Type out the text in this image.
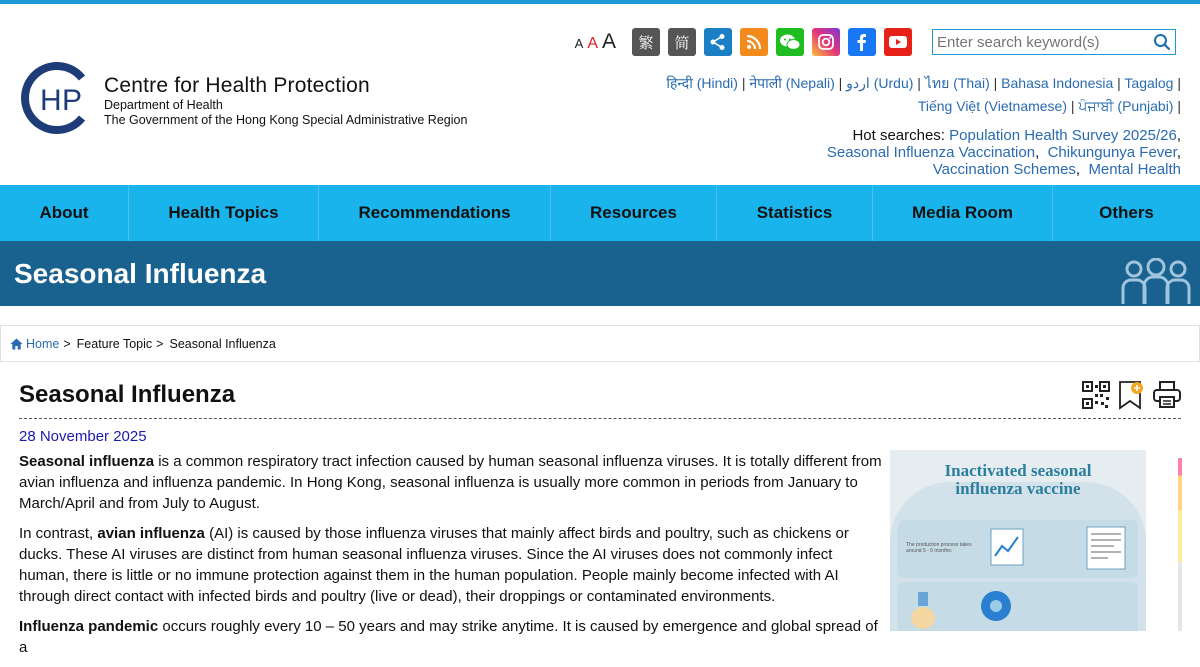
H P Centre for Health Protection
Department of Health
The Government of the Hong Kong Special Administrative Region
A A A	繁	简
Enter search keyword(s)
हिन्दी (Hindi) | नेपाली (Nepali) | اردو (Urdu) | ไทย (Thai) | Bahasa Indonesia | Tagalog |
Tiếng Việt (Vietnamese) | ਪੰਜਾਬੀ (Punjabi) |
Hot searches: Population Health Survey 2025/26,
Seasonal Influenza Vaccination,  Chikungunya Fever,
Vaccination Schemes,  Mental Health
About	Health Topics	Recommendations	Resources	Statistics	Media Room	Others
Seasonal Influenza
Home > Feature Topic > Seasonal Influenza
Seasonal Influenza
28 November 2025

Seasonal influenza is a common respiratory tract infection caused by human seasonal influenza viruses. It is totally different from avian influenza and influenza pandemic. In Hong Kong, seasonal influenza is usually more common in periods from January to March/April and from July to August.

In contrast, avian influenza (AI) is caused by those influenza viruses that mainly affect birds and poultry, such as chickens or ducks. These AI viruses are distinct from human seasonal influenza viruses. Since the AI viruses does not commonly infect human, there is little or no immune protection against them in the human population. People mainly become infected with AI through direct contact with infected birds and poultry (live or dead), their droppings or contaminated environments.

Influenza pandemic occurs roughly every 10 – 50 years and may strike anytime. It is caused by emergence and global spread of a

Inactivated seasonal
influenza vaccine
The production process takes around 5 - 6 months:
